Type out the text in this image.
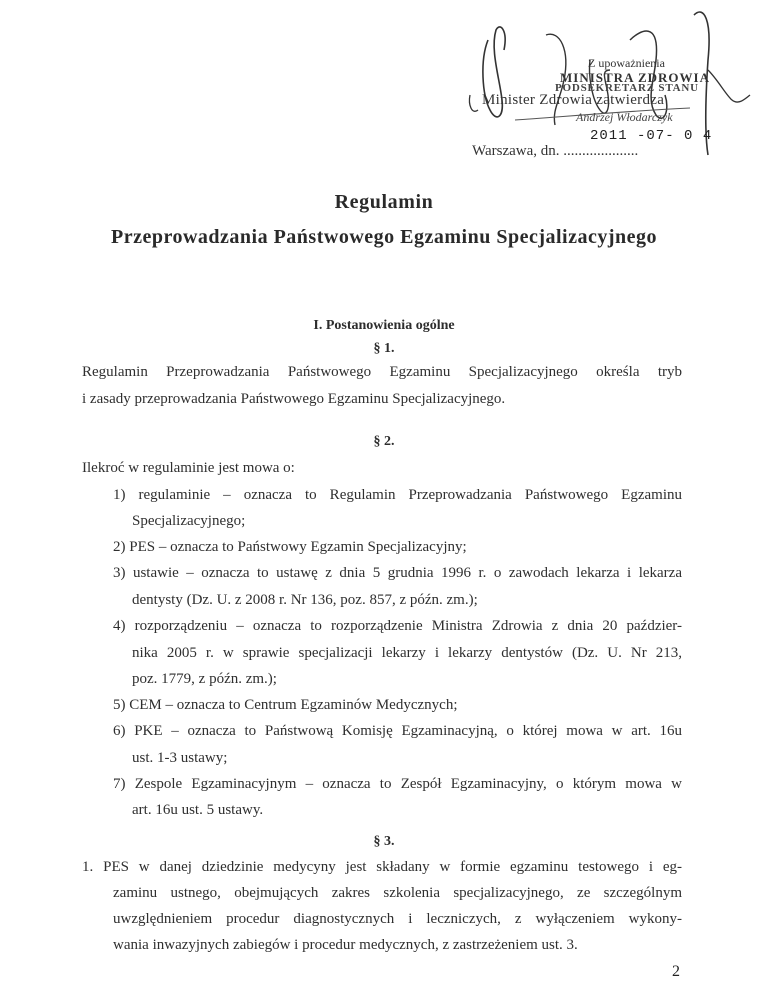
Z upoważnienia
MINISTRA ZDROWIA
PODSEKRETARZ STANU
Minister Zdrowia zatwierdza
Andrzej Włodarczyk
2011 -07- 0 4
Warszawa, dn. ....................
Regulamin
Przeprowadzania Państwowego Egzaminu Specjalizacyjnego
I. Postanowienia ogólne
§ 1.
Regulamin Przeprowadzania Państwowego Egzaminu Specjalizacyjnego określa tryb
i zasady przeprowadzania Państwowego Egzaminu Specjalizacyjnego.
§ 2.
Ilekroć w regulaminie jest mowa o:
1) regulaminie – oznacza to Regulamin Przeprowadzania Państwowego Egzaminu
Specjalizacyjnego;
2) PES – oznacza to Państwowy Egzamin Specjalizacyjny;
3) ustawie – oznacza to ustawę z dnia 5 grudnia 1996 r. o zawodach lekarza i lekarza
dentysty (Dz. U. z 2008 r. Nr 136, poz. 857, z późn. zm.);
4) rozporządzeniu – oznacza to rozporządzenie Ministra Zdrowia z dnia 20 paździer-
nika 2005 r. w sprawie specjalizacji lekarzy i lekarzy dentystów (Dz. U. Nr 213,
poz. 1779, z późn. zm.);
5) CEM – oznacza to Centrum Egzaminów Medycznych;
6) PKE – oznacza to Państwową Komisję Egzaminacyjną, o której mowa w art. 16u
ust. 1-3 ustawy;
7) Zespole Egzaminacyjnym – oznacza to Zespół Egzaminacyjny, o którym mowa w
art. 16u ust. 5 ustawy.
§ 3.
1. PES w danej dziedzinie medycyny jest składany w formie egzaminu testowego i eg-
zaminu ustnego, obejmujących zakres szkolenia specjalizacyjnego, ze szczególnym
uwzględnieniem procedur diagnostycznych i leczniczych, z wyłączeniem wykony-
wania inwazyjnych zabiegów i procedur medycznych, z zastrzeżeniem ust. 3.
2
